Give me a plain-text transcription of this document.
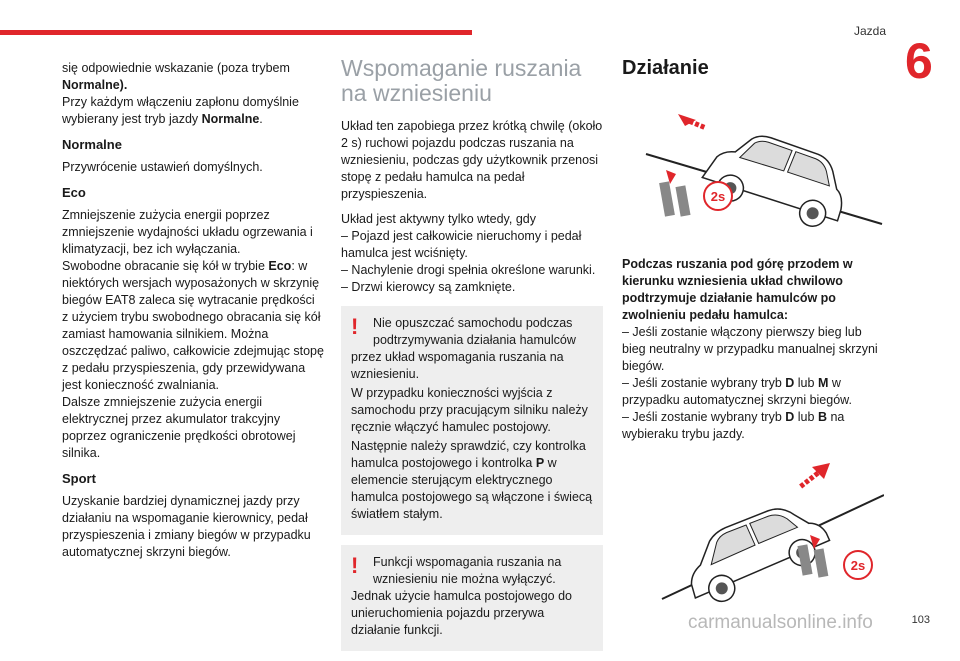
Jazda
6

się odpowiednie wskazanie (poza trybem
Normalne).
Przy każdym włączeniu zapłonu domyślnie wybierany jest tryb jazdy Normalne.

Normalne

Przywrócenie ustawień domyślnych.

Eco

Zmniejszenie zużycia energii poprzez zmniejszenie wydajności układu ogrzewania i klimatyzacji, bez ich wyłączania.
Swobodne obracanie się kół w trybie Eco: w niektórych wersjach wyposażonych w skrzynię biegów EAT8 zaleca się wytracanie prędkości z użyciem trybu swobodnego obracania się kół zamiast hamowania silnikiem. Można oszczędzać paliwo, całkowicie zdejmując stopę z pedału przyspieszenia, gdy przewidywana jest konieczność zwalniania.
Dalsze zmniejszenie zużycia energii elektrycznej przez akumulator trakcyjny poprzez ograniczenie prędkości obrotowej silnika.

Sport

Uzyskanie bardziej dynamicznej jazdy przy działaniu na wspomaganie kierownicy, pedał przyspieszenia i zmiany biegów w przypadku automatycznej skrzyni biegów.

Wspomaganie ruszania na wzniesieniu

Układ ten zapobiega przez krótką chwilę (około 2 s) ruchowi pojazdu podczas ruszania na wzniesieniu, podczas gdy użytkownik przenosi stopę z pedału hamulca na pedał przyspieszenia.

Układ jest aktywny tylko wtedy, gdy

– Pojazd jest całkowicie nieruchomy i pedał hamulca jest wciśnięty.

– Nachylenie drogi spełnia określone warunki.

– Drzwi kierowcy są zamknięte.

!	Nie opuszczać samochodu podczas podtrzymywania działania hamulców przez układ wspomagania ruszania na wzniesieniu.

W przypadku konieczności wyjścia z samochodu przy pracującym silniku należy ręcznie włączyć hamulec postojowy.

Następnie należy sprawdzić, czy kontrolka hamulca postojowego i kontrolka P w elemencie sterującym elektrycznego hamulca postojowego są włączone i świecą światłem stałym.

!	Funkcji wspomagania ruszania na wzniesieniu nie można wyłączyć. Jednak użycie hamulca postojowego do unieruchomienia pojazdu przerywa działanie funkcji.

Działanie
2s

Podczas ruszania pod górę przodem w kierunku wzniesienia układ chwilowo podtrzymuje działanie hamulców po zwolnieniu pedału hamulca:

– Jeśli zostanie włączony pierwszy bieg lub bieg neutralny w przypadku manualnej skrzyni biegów.

– Jeśli zostanie wybrany tryb D lub M w przypadku automatycznej skrzyni biegów.

– Jeśli zostanie wybrany tryb D lub B na wybieraku trybu jazdy.

2s
carmanualsonline.info	103
